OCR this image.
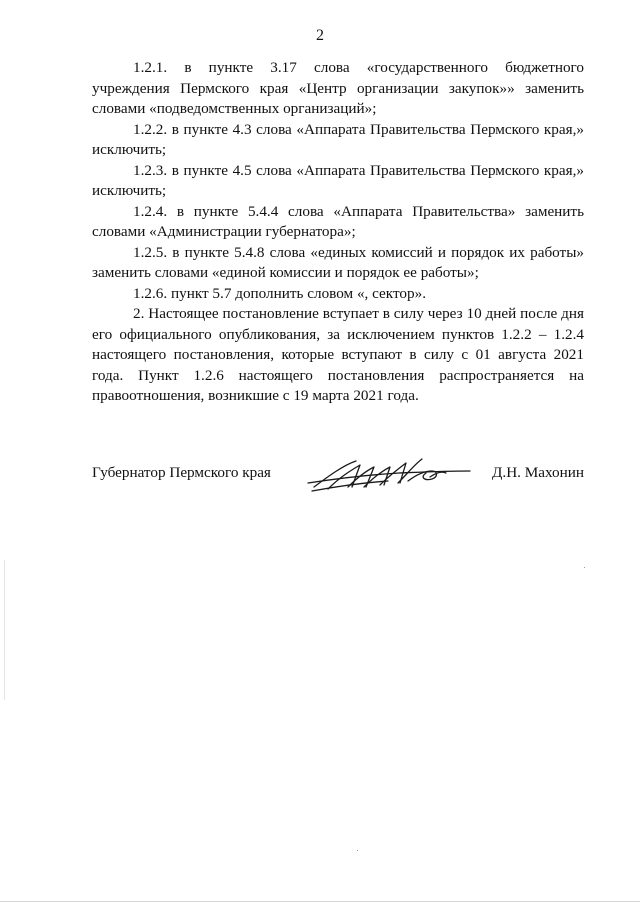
2

1.2.1. в пункте 3.17 слова «государственного бюджетного учреждения Пермского края «Центр организации закупок»» заменить словами «подведомственных организаций»;

1.2.2. в пункте 4.3 слова «Аппарата Правительства Пермского края,» исключить;

1.2.3. в пункте 4.5 слова «Аппарата Правительства Пермского края,» исключить;

1.2.4. в пункте 5.4.4 слова «Аппарата Правительства» заменить словами «Администрации губернатора»;

1.2.5. в пункте 5.4.8 слова «единых комиссий и порядок их работы» заменить словами «единой комиссии и порядок ее работы»;

1.2.6. пункт 5.7 дополнить словом «, сектор».

2. Настоящее постановление вступает в силу через 10 дней после дня его официального опубликования, за исключением пунктов 1.2.2 – 1.2.4 настоящего постановления, которые вступают в силу с 01 августа 2021 года. Пункт 1.2.6 настоящего постановления распространяется на правоотношения, возникшие с 19 марта 2021 года.

Губернатор Пермского края	Д.Н. Махонин
